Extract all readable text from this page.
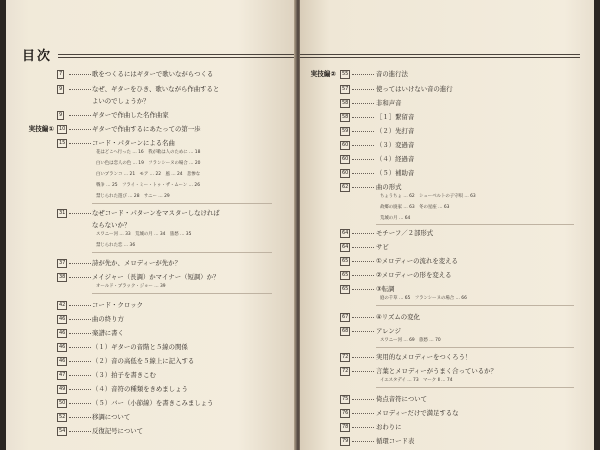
目次
7	歌をつくるにはギターで歌いながらつくる
9	なぜ、ギターをひき、歌いながら作曲すると
よいのでしょうか？
9	ギターで作曲した名作曲家
実技編①	10	ギターで作曲するにあたっての第一歩
15	コード・パターンによる名曲
花はどこへ行った … 16　我が歌は人のために … 18
白い色は恋人の色 … 19　フランシーヌの場合 … 20
白いブランコ … 21　モア … 22　風 … 24　悲惨な
戦争 … 25　フライ・ミー・トゥ・ザ・ムーン … 26
禁じられた遊び … 28　サニー … 29
31	なぜコード・パターンをマスターしなければ
ならないか？
スワニー河 … 33　荒城の月 … 34　旅愁 … 35
禁じられた恋 … 36
37	詩が先か、メロディーが先か？
38	メイジャー（長調）かマイナー（短調）か？
オールド・ブラック・ジョー … 39
42	コード・クロック
46	曲の終り方
46	楽譜に書く
46	（１）ギターの音階と５線の関係
46	（２）音の高低を５線上に記入する
47	（３）拍子を書きこむ
49	（４）音符の種類をきめましょう
50	（５）バー（小節線）を書きこみましょう
52	移調について
54	反復記号について
実技編②	55	音の進行法
57	使ってはいけない音の進行
58	非和声音
58	［１］繋留音
59	（２）先打音
60	（３）変過音
60	（４）経過音
60	（５）補助音
62	曲の形式
ちょうちょ … 62　シューベルトの子守唄 … 63
故郷の廃家 … 63　冬の星座 … 63
荒城の月 … 64
64	モチーフ／２部形式
64	サビ
65	①メロディーの流れを変える
65	②メロディーの形を変える
65	③転調
庭の千草 … 65　フランシーヌの場合 … 66
67	④リズムの変化
68	アレンジ
スワニー河 … 69　旅愁 … 70
72	実用的なメロディーをつくろう！
72	言葉とメロディーがうまく合っているか？
イエスタデイ … 73　マーク Ⅱ … 74
75	倚点音符について
76	メロディーだけで満足するな
78	おわりに
79	循環コード表
